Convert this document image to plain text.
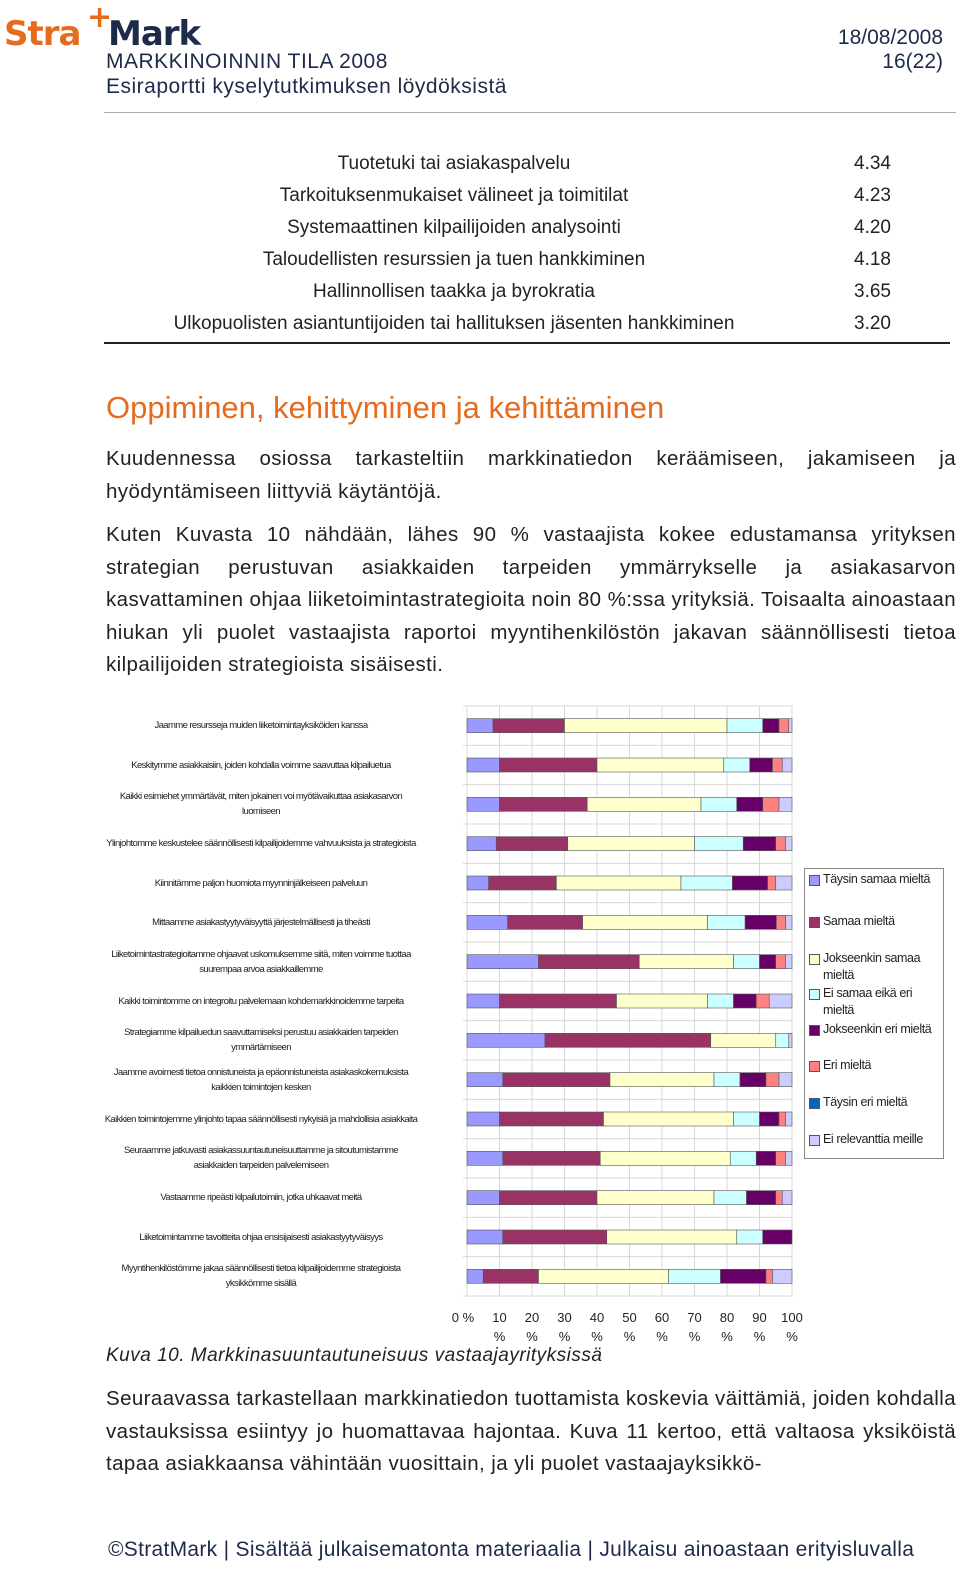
Stra +
Mark
MARKKINOINNIN TILA 2008
Esiraportti kyselytutkimuksen löydöksistä
18/08/2008
16(22)
Tuotetuki tai asiakaspalvelu	4.34
Tarkoituksenmukaiset välineet ja toimitilat	4.23
Systemaattinen kilpailijoiden analysointi	4.20
Taloudellisten resurssien ja tuen hankkiminen	4.18
Hallinnollisen taakka ja byrokratia	3.65
Ulkopuolisten asiantuntijoiden tai hallituksen jäsenten hankkiminen	3.20
Oppiminen, kehittyminen ja kehittäminen
Kuudennessa osiossa tarkasteltiin markkinatiedon keräämiseen, jakamiseen ja hyödyntämiseen liittyviä käytäntöjä.
Kuten Kuvasta 10 nähdään, lähes 90 % vastaajista kokee edustamansa yrityksen strategian perustuvan asiakkaiden tarpeiden ymmärrykselle ja asiakasarvon kasvattaminen ohjaa liiketoimintastrategioita noin 80 %:ssa yrityksiä. Toisaalta ainoastaan hiukan yli puolet vastaajista raportoi myyntihenkilöstön jakavan säännöllisesti tietoa kilpailijoiden strategioista sisäisesti.
Jaamme resursseja muiden liiketoimintayksiköiden kanssa
Keskitymme asiakkaisiin, joiden kohdalla voimme saavuttaa kilpailuetua
Kaikki esimiehet ymmärtävät, miten jokainen voi myötävaikuttaa asiakasarvon luomiseen
Ylinjohtomme keskustelee säännöllisesti kilpailijoidemme vahvuuksista ja strategioista
Kiinnitämme paljon huomiota myynninjälkeiseen palveluun
Mittaamme asiakastyytyväisyyttä järjestelmällisesti ja tiheästi
Liiketoimintastrategioitamme ohjaavat uskomuksemme siitä, miten voimme tuottaa suurempaa arvoa asiakkaillemme
Kaikki toimintomme on integroitu palvelemaan kohdemarkkinoidemme tarpeita
Strategiamme kilpailuedun saavuttamiseksi perustuu asiakkaiden tarpeiden ymmärtämiseen
Jaamme avoimesti tietoa onnistuneista ja epäonnistuneista asiakaskokemuksista kaikkien toimintojen kesken
Kaikkien toimintojemme ylinjohto tapaa säännöllisesti nykyisiä ja mahdollisia asiakkaita
Seuraamme jatkuvasti asiakassuuntautuneisuuttamme ja sitoutumistamme asiakkaiden tarpeiden palvelemiseen
Vastaamme ripeästi kilpailutoimiin, jotka uhkaavat meitä
Liiketoimintamme tavoitteita ohjaa ensisijaisesti asiakastyytyväisyys
Myyntihenkilöstömme jakaa säännöllisesti tietoa kilpailijoidemme strategioista yksikkömme sisällä
0 %	10
%
20
%
30
%
40
%
50
%
60
%
70
%
80
%
90
%
100
%
Täysin samaa mieltä
Samaa mieltä
Jokseenkin samaa mieltä
Ei samaa eikä eri mieltä
Jokseenkin eri mieltä
Eri mieltä
Täysin eri mieltä
Ei relevanttia meille
Kuva 10. Markkinasuuntautuneisuus vastaajayrityksissä
Seuraavassa tarkastellaan markkinatiedon tuottamista koskevia väittämiä, joiden kohdalla vastauksissa esiintyy jo huomattavaa hajontaa. Kuva 11 kertoo, että valtaosa yksiköistä tapaa asiakkaansa vähintään vuosittain, ja yli puolet vastaajayksikkö-
©StratMark | Sisältää julkaisematonta materiaalia | Julkaisu ainoastaan erityisluvalla
